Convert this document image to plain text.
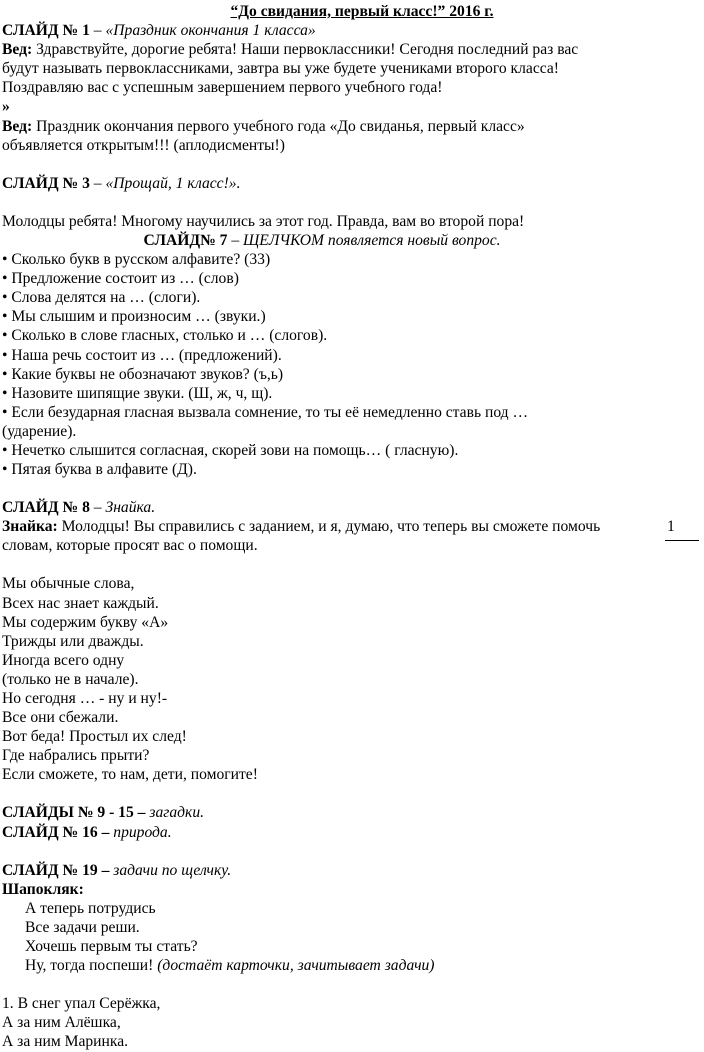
“До свидания, первый класс!” 2016 г.

СЛАЙД № 1 – «Праздник окончания 1 класса»

Вед: Здравствуйте, дорогие ребята! Наши первоклассники! Сегодня последний раз вас

будут называть первоклассниками, завтра вы уже будете учениками второго класса!

Поздравляю вас с успешным завершением первого учебного года!

»

Вед: Праздник окончания первого учебного года «До свиданья, первый класс»

объявляется открытым!!! (аплодисменты!)

СЛАЙД № 3 – «Прощай, 1 класс!».

Молодцы ребята! Многому научились за этот год. Правда, вам во второй пора!

СЛАЙД№ 7 – ЩЕЛЧКОМ появляется новый вопрос.

• Сколько букв в русском алфавите? (33)

• Предложение состоит из … (слов)

• Слова делятся на … (слоги).

• Мы слышим и произносим … (звуки.)

• Сколько в слове гласных, столько и … (слогов).

• Наша речь состоит из … (предложений).

• Какие буквы не обозначают звуков? (ъ,ь)

• Назовите шипящие звуки. (Ш, ж, ч, щ).

• Если безударная гласная вызвала сомнение, то ты её немедленно ставь под …

(ударение).

• Нечетко слышится согласная, скорей зови на помощь… ( гласную).

• Пятая буква в алфавите (Д).

СЛАЙД № 8 – Знайка.

Знайка: Молодцы! Вы справились с заданием, и я, думаю, что теперь вы сможете помочь

словам, которые просят вас о помощи.

Мы обычные слова,

Всех нас знает каждый.

Мы содержим букву «А»

Трижды или дважды.

Иногда всего одну

(только не в начале).

Но сегодня … - ну и ну!-

Все они сбежали.

Вот беда! Простыл их след!

Где набрались прыти?

Если сможете, то нам, дети, помогите!

СЛАЙДЫ № 9 - 15 – загадки.

СЛАЙД № 16 – природа.

СЛАЙД № 19 – задачи по щелчку.

Шапокляк:

А теперь потрудись

Все задачи реши.

Хочешь первым ты стать?

Ну, тогда поспеши! (достаёт карточки, зачитывает задачи)

1. В снег упал Серёжка,

А за ним Алёшка,

А за ним Маринка.

1
